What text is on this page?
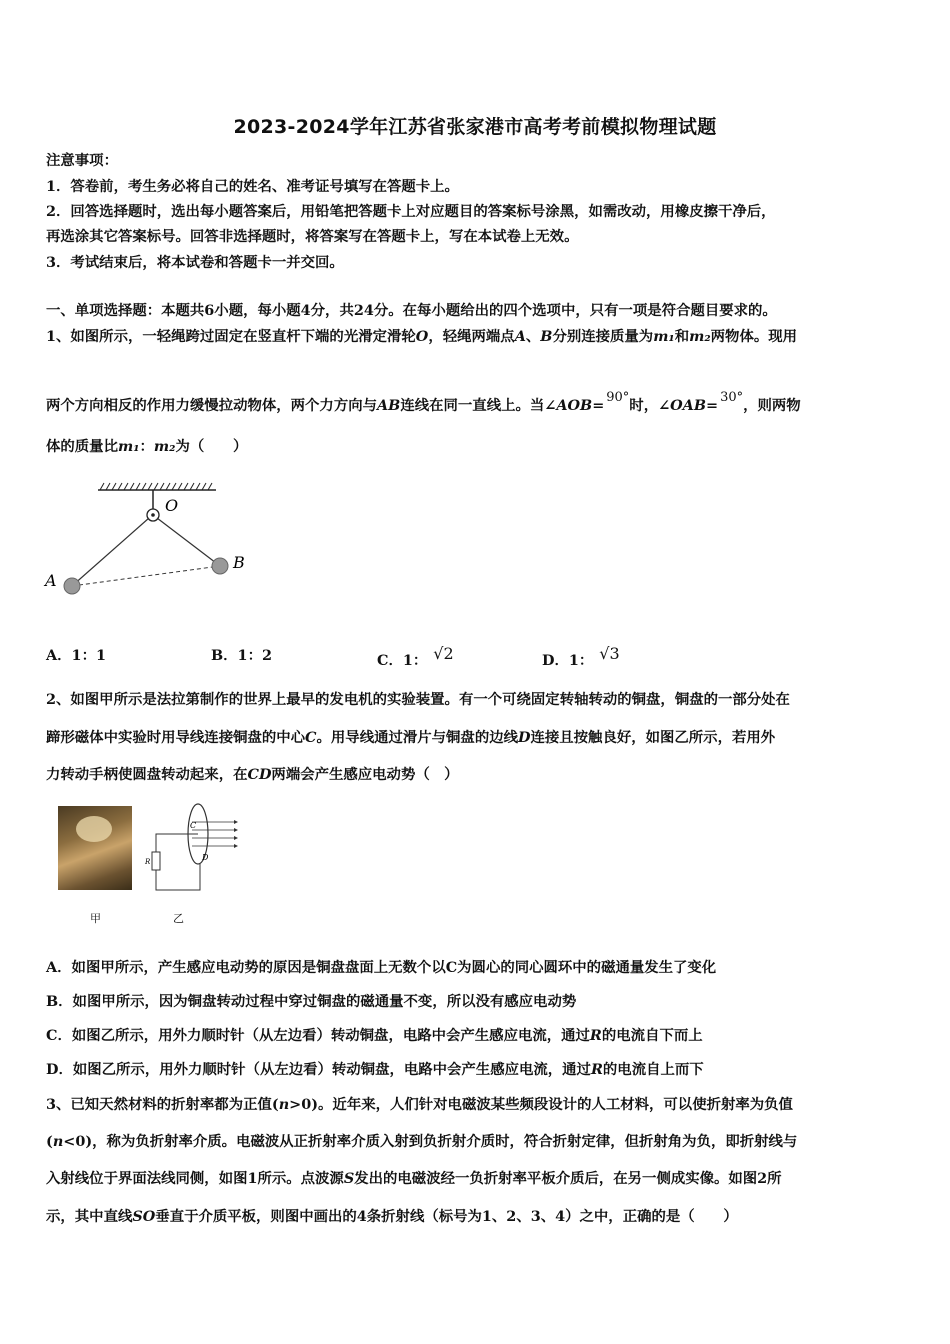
2023-2024学年江苏省张家港市高考考前模拟物理试题
注意事项：
1．答卷前，考生务必将自己的姓名、准考证号填写在答题卡上。
2．回答选择题时，选出每小题答案后，用铅笔把答题卡上对应题目的答案标号涂黑，如需改动，用橡皮擦干净后，
再选涂其它答案标号。回答非选择题时，将答案写在答题卡上，写在本试卷上无效。
3．考试结束后，将本试卷和答题卡一并交回。
一、单项选择题：本题共6小题，每小题4分，共24分。在每小题给出的四个选项中，只有一项是符合题目要求的。
1、如图所示，一轻绳跨过固定在竖直杆下端的光滑定滑轮O，轻绳两端点A、B分别连接质量为m₁和m₂两物体。现用
两个方向相反的作用力缓慢拉动物体，两个力方向与AB连线在同一直线上。当∠AOB= 90°时，∠OAB= 30°，则两物
体的质量比m₁：m₂为（　　）
O
A
B
A．1：1	B．1：2	C．1： √2	D．1： √3
2、如图甲所示是法拉第制作的世界上最早的发电机的实验装置。有一个可绕固定转轴转动的铜盘，铜盘的一部分处在
蹄形磁体中实验时用导线连接铜盘的中心C。用导线通过滑片与铜盘的边线D连接且按触良好，如图乙所示，若用外
力转动手柄使圆盘转动起来，在CD两端会产生感应电动势（　）
C
D
R
甲	乙
A．如图甲所示，产生感应电动势的原因是铜盘盘面上无数个以C为圆心的同心圆环中的磁通量发生了变化
B．如图甲所示，因为铜盘转动过程中穿过铜盘的磁通量不变，所以没有感应电动势
C．如图乙所示，用外力顺时针（从左边看）转动铜盘，电路中会产生感应电流，通过R的电流自下而上
D．如图乙所示，用外力顺时针（从左边看）转动铜盘，电路中会产生感应电流，通过R的电流自上而下
3、已知天然材料的折射率都为正值(n>0)。近年来，人们针对电磁波某些频段设计的人工材料，可以使折射率为负值
(n<0)，称为负折射率介质。电磁波从正折射率介质入射到负折射介质时，符合折射定律，但折射角为负，即折射线与
入射线位于界面法线同侧，如图1所示。点波源S发出的电磁波经一负折射率平板介质后，在另一侧成实像。如图2所
示，其中直线SO垂直于介质平板，则图中画出的4条折射线（标号为1、2、3、4）之中，正确的是（　　）
